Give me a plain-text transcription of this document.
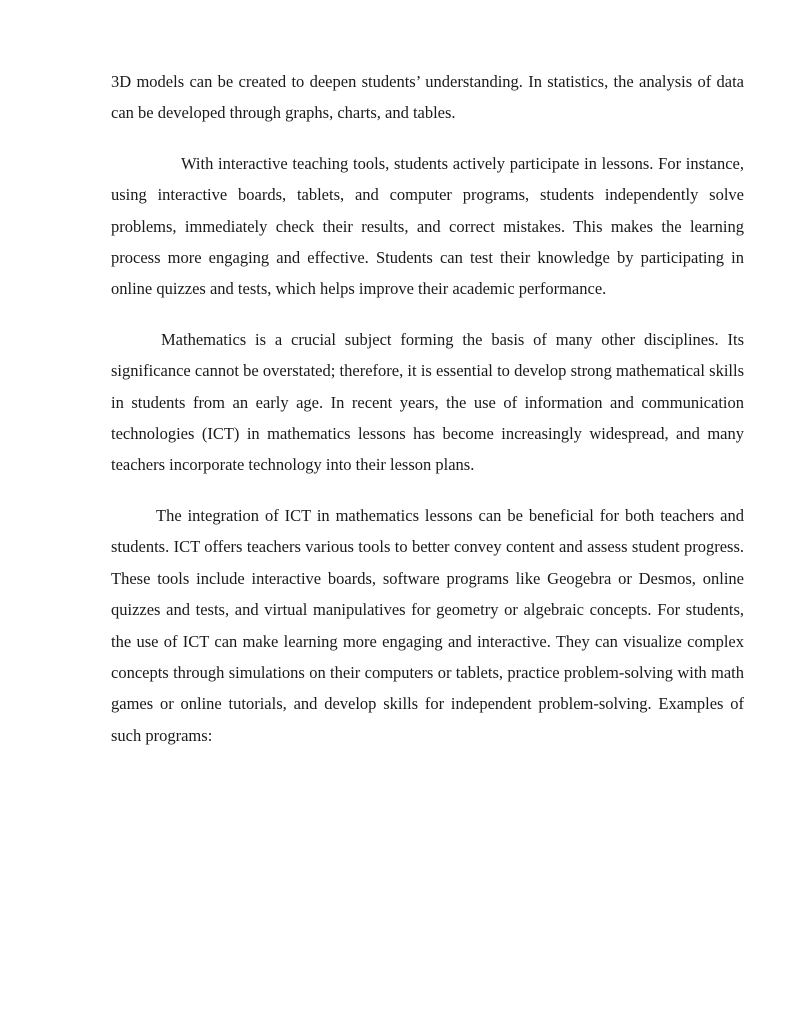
3D models can be created to deepen students’ understanding. In statistics, the analysis of data can be developed through graphs, charts, and tables.

With interactive teaching tools, students actively participate in lessons. For instance, using interactive boards, tablets, and computer programs, students independently solve problems, immediately check their results, and correct mistakes. This makes the learning process more engaging and effective. Students can test their knowledge by participating in online quizzes and tests, which helps improve their academic performance.

Mathematics is a crucial subject forming the basis of many other disciplines. Its significance cannot be overstated; therefore, it is essential to develop strong mathematical skills in students from an early age. In recent years, the use of information and communication technologies (ICT) in mathematics lessons has become increasingly widespread, and many teachers incorporate technology into their lesson plans.

The integration of ICT in mathematics lessons can be beneficial for both teachers and students. ICT offers teachers various tools to better convey content and assess student progress. These tools include interactive boards, software programs like Geogebra or Desmos, online quizzes and tests, and virtual manipulatives for geometry or algebraic concepts. For students, the use of ICT can make learning more engaging and interactive. They can visualize complex concepts through simulations on their computers or tablets, practice problem-solving with math games or online tutorials, and develop skills for independent problem-solving. Examples of such programs:
